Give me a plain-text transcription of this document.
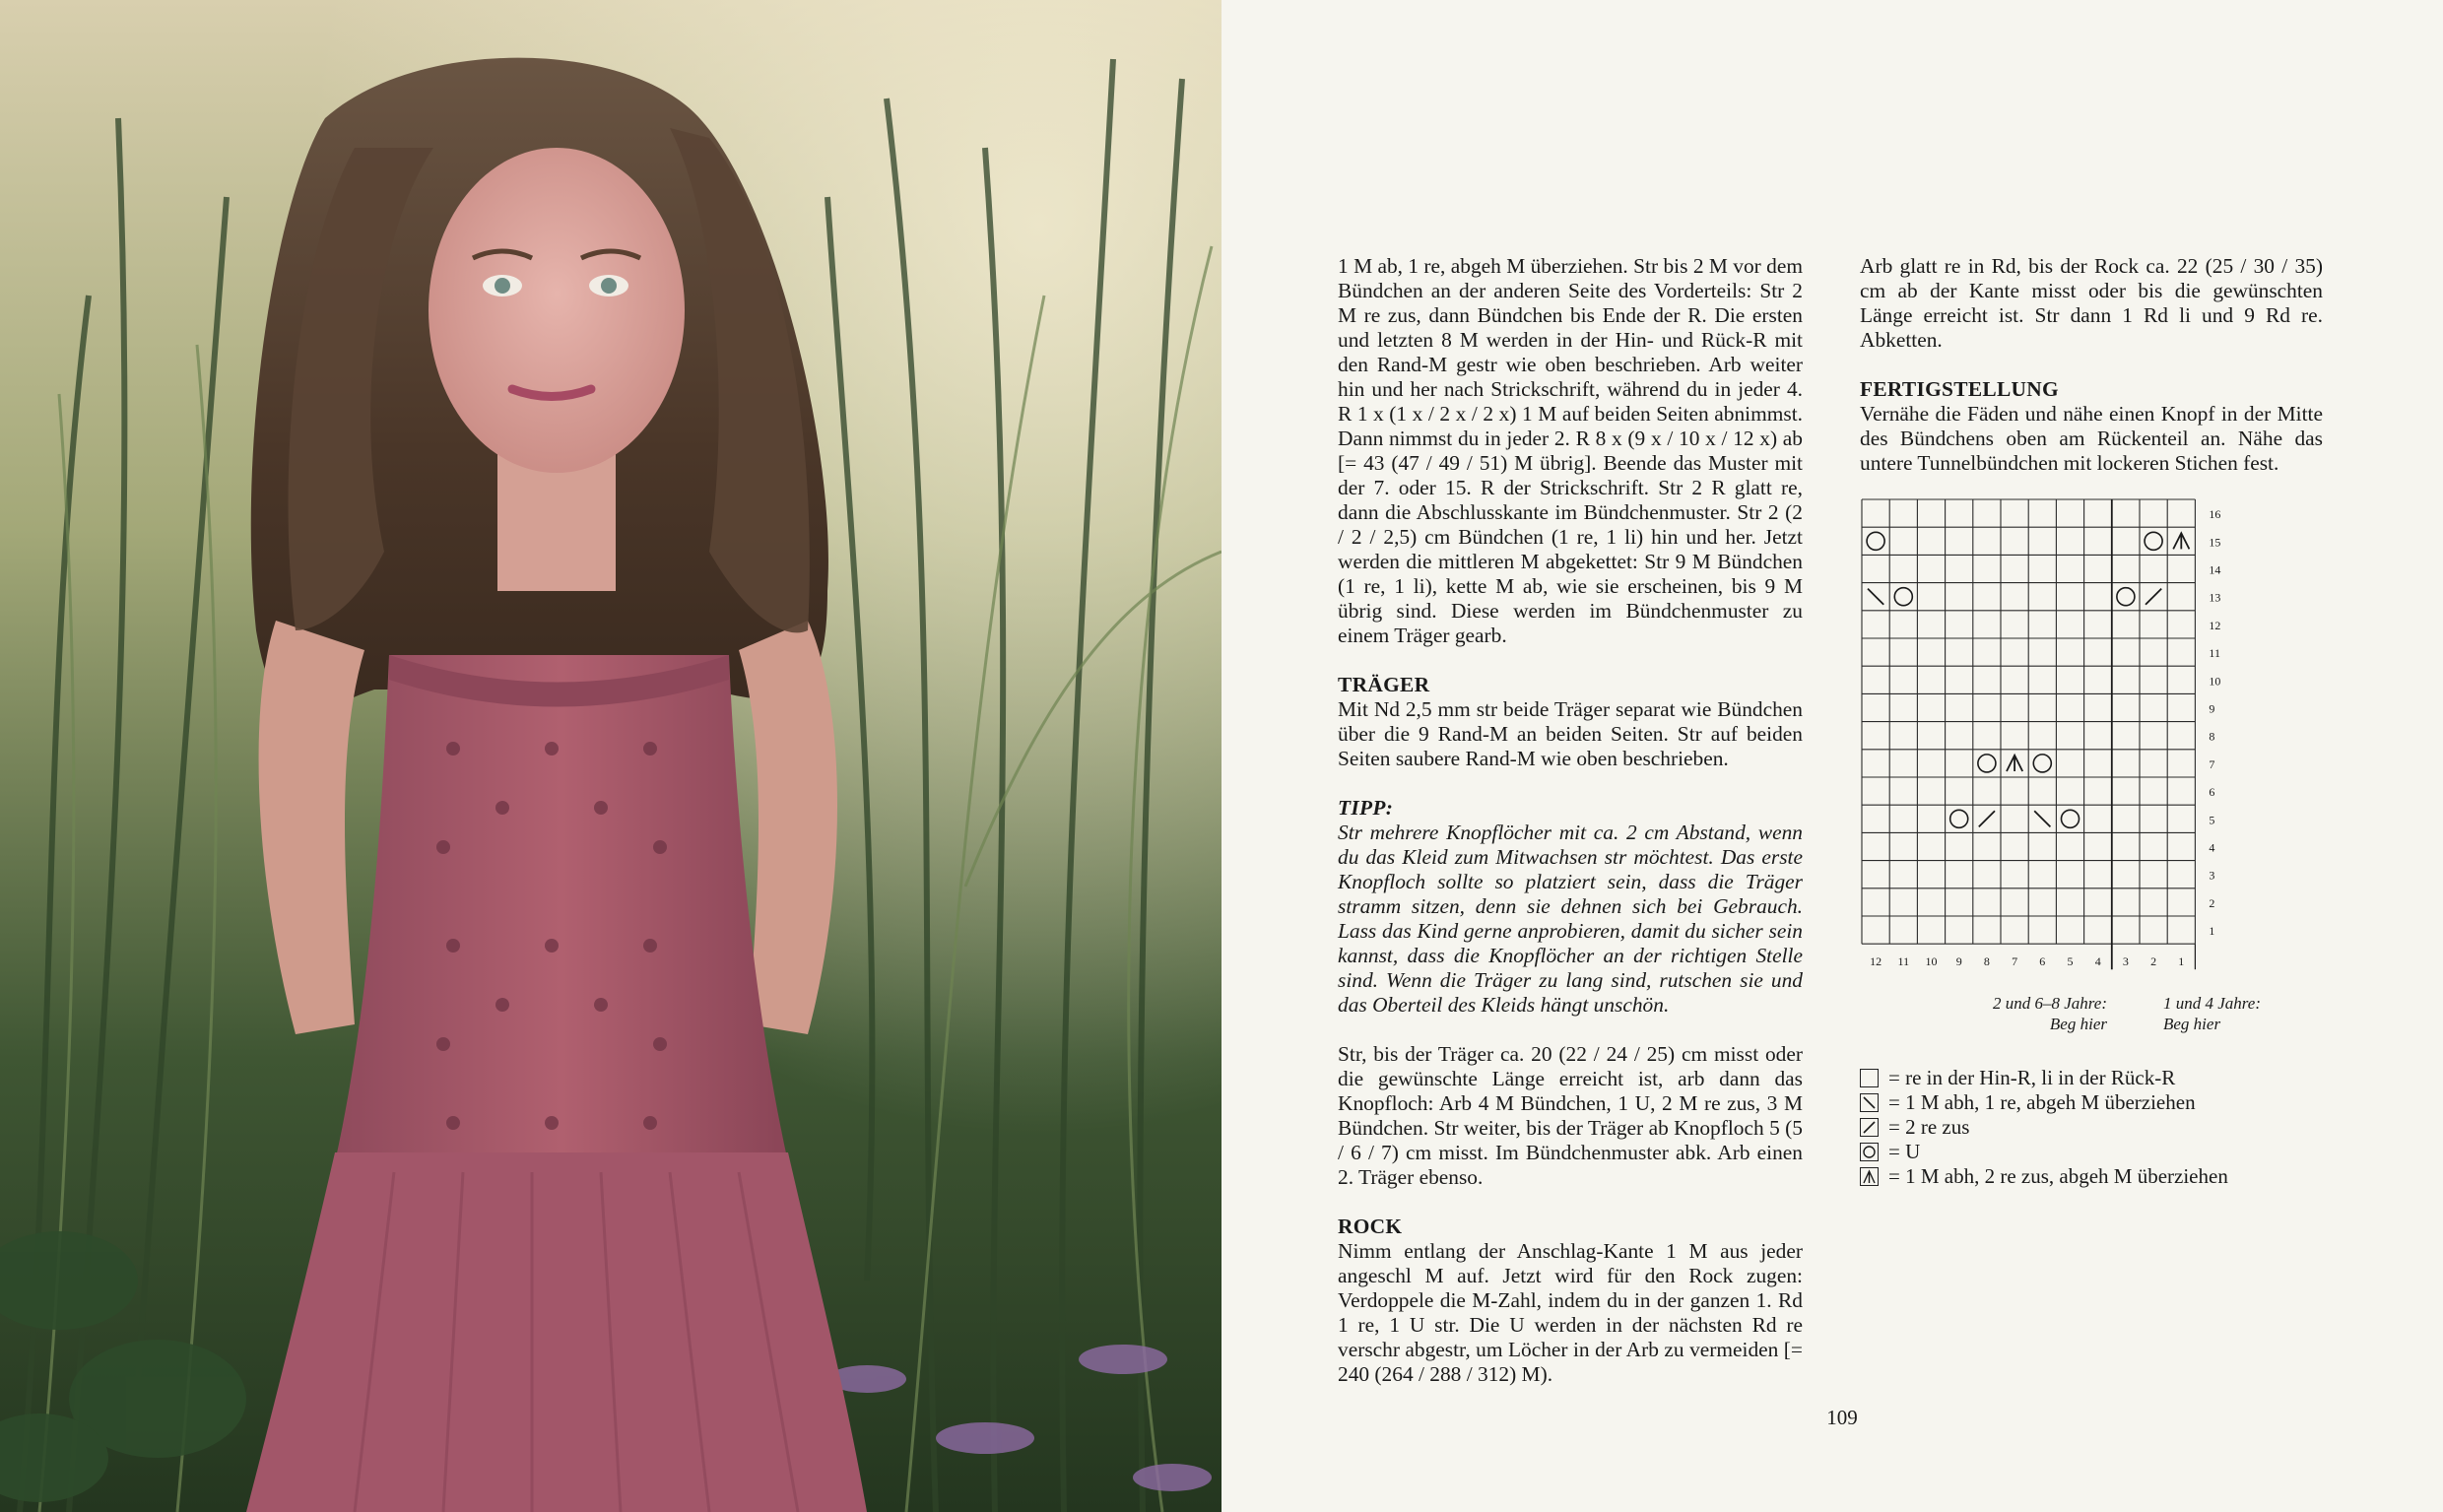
1 M ab, 1 re, abgeh M überziehen. Str bis 2 M vor dem Bündchen an der anderen Seite des Vorderteils: Str 2 M re zus, dann Bündchen bis Ende der R. Die ersten und letzten 8 M werden in der Hin- und Rück-R mit den Rand-M gestr wie oben beschrieben. Arb weiter hin und her nach Strickschrift, während du in jeder 4. R 1 x (1 x / 2 x / 2 x) 1 M auf beiden Seiten abnimmst. Dann nimmst du in jeder 2. R 8 x (9 x / 10 x / 12 x) ab [= 43 (47 / 49 / 51) M übrig]. Beende das Muster mit der 7. oder 15. R der Strickschrift. Str 2 R glatt re, dann die Abschlusskante im Bündchenmuster. Str 2 (2 / 2 / 2,5) cm Bündchen (1 re, 1 li) hin und her. Jetzt werden die mittleren M abgekettet: Str 9 M Bündchen (1 re, 1 li), kette M ab, wie sie erscheinen, bis 9 M übrig sind. Diese werden im Bündchenmuster zu einem Träger gearb.

TRÄGER

Mit Nd 2,5 mm str beide Träger separat wie Bündchen über die 9 Rand-M an beiden Seiten. Str auf beiden Seiten saubere Rand-M wie oben beschrieben.

TIPP:

Str mehrere Knopflöcher mit ca. 2 cm Abstand, wenn du das Kleid zum Mitwachsen str möchtest. Das erste Knopfloch sollte so platziert sein, dass die Träger stramm sitzen, denn sie dehnen sich bei Gebrauch. Lass das Kind gerne anprobieren, damit du sicher sein kannst, dass die Knopflöcher an der richtigen Stelle sind. Wenn die Träger zu lang sind, rutschen sie und das Oberteil des Kleids hängt unschön.

Str, bis der Träger ca. 20 (22 / 24 / 25) cm misst oder die gewünschte Länge erreicht ist, arb dann das Knopfloch: Arb 4 M Bündchen, 1 U, 2 M re zus, 3 M Bündchen. Str weiter, bis der Träger ab Knopfloch 5 (5 / 6 / 7) cm misst. Im Bündchenmuster abk. Arb einen 2. Träger ebenso.

ROCK

Nimm entlang der Anschlag-Kante 1 M aus jeder angeschl M auf. Jetzt wird für den Rock zugen: Verdoppele die M-Zahl, indem du in der ganzen 1. Rd 1 re, 1 U str. Die U werden in der nächsten Rd re verschr abgestr, um Löcher in der Arb zu vermeiden [= 240 (264 / 288 / 312) M).

Arb glatt re in Rd, bis der Rock ca. 22 (25 / 30 / 35) cm ab der Kante misst oder bis die gewünschten Länge erreicht ist. Str dann 1 Rd li und 9 Rd re. Abketten.

FERTIGSTELLUNG

Vernähe die Fäden und nähe einen Knopf in der Mitte des Bündchens oben am Rückenteil an. Nähe das untere Tunnelbündchen mit lockeren Stichen fest.

16
15
14
13
12
11
10
9
8
7
6
5
4
3
2
1
12 11 10 9 8 7 6 5 4 3 2 1
2 und 6–8 Jahre:
Beg hier
1 und 4 Jahre:
Beg hier
= re in der Hin-R, li in der Rück-R
= 1 M abh, 1 re, abgeh M überziehen
= 2 re zus
= U
= 1 M abh, 2 re zus, abgeh M überziehen
109
